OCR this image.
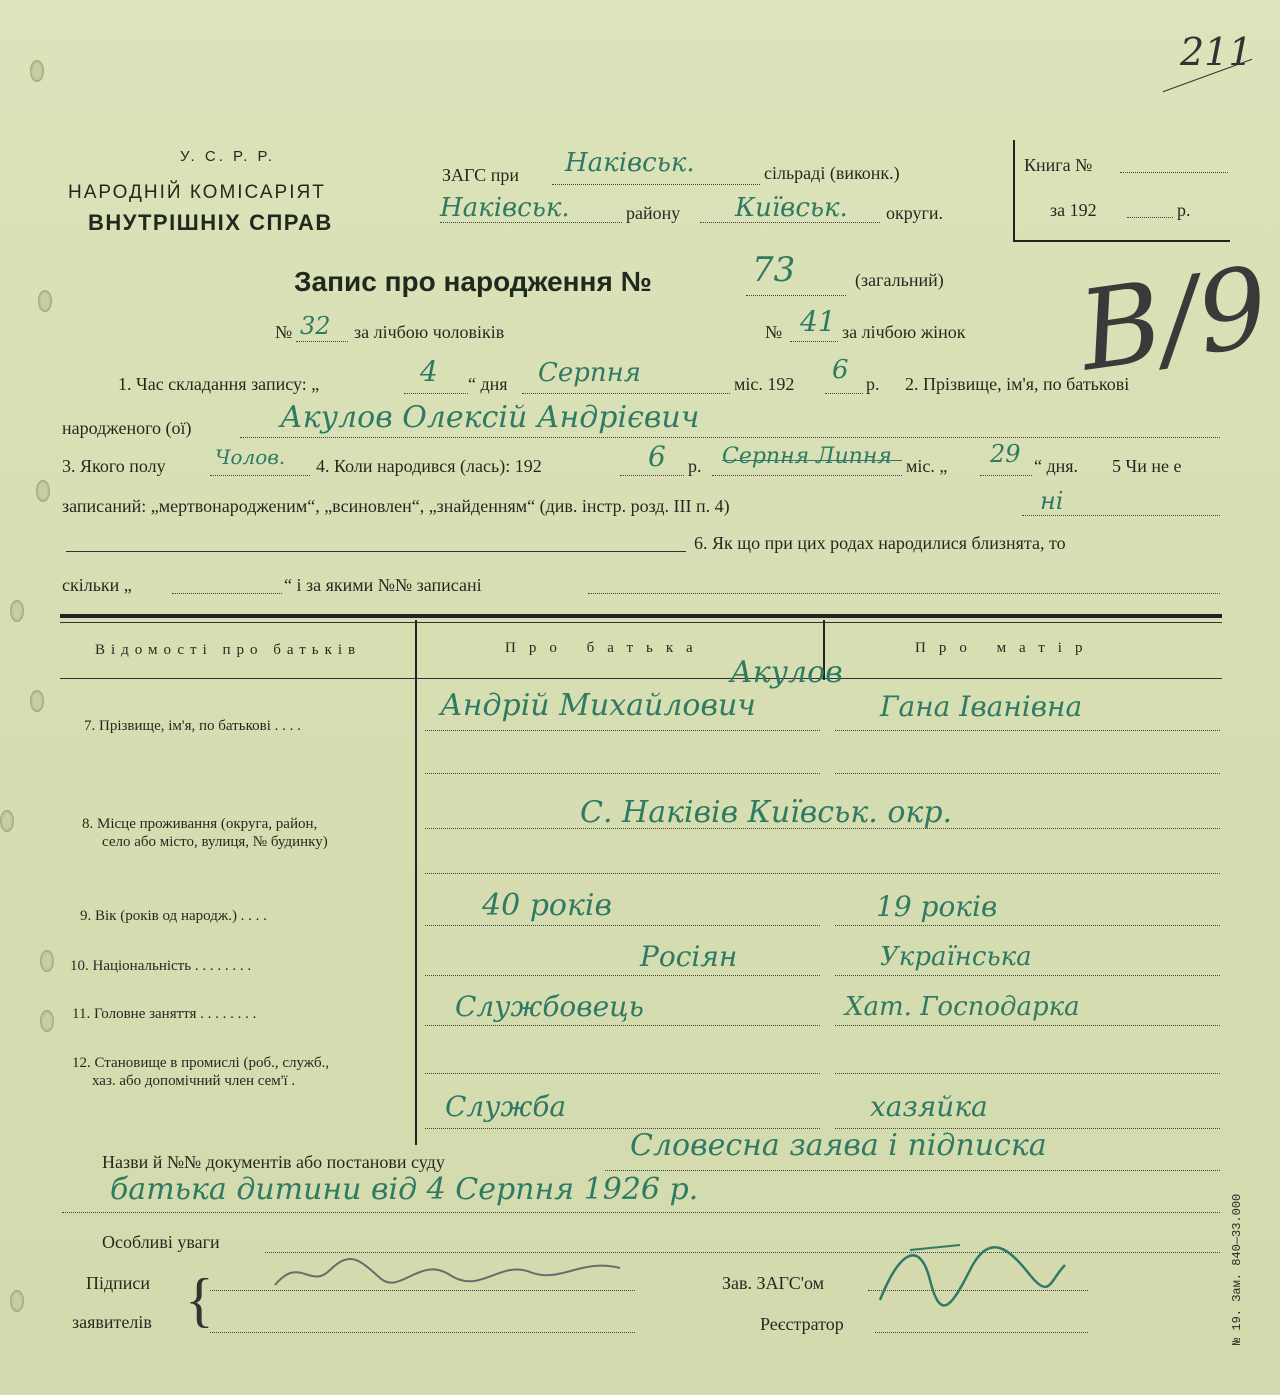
211
У. С. Р. Р.
НАРОДНІЙ КОМІСАРІЯТ
ВНУТРІШНІХ СПРАВ
ЗАГС при Наківськ.	сільраді (виконк.)
Наківськ.	району Київськ. округи.
Книга №
за 192	р.
Запис про народження №	73	(загальний)
№ 32 за лічбою чоловіків	№ 41 за лічбою жінок В/9
1. Час складання запису: „	4 “ дня Серпня	міс. 192 6 р. 2. Прізвище, ім'я, по батькові
народженого (ої)	Акулов Олексій Андрієвич
3. Якого полу Чолов. 4. Коли народився (лась): 192	6 р. Серпня Липня міс. „ 29 “ дня. 5 Чи не е
записаний: „мертвонародженим“, „всиновлен“, „знайденням“ (див. інстр. розд. III п. 4)	ні
6. Як що при цих родах народилися близнята, то
скільки „	“ і за якими №№ записані
Відомості про батьків	Про батька	Про матір
7. Прізвище, ім'я, по батькові . . . .
Акулов
Андрій Михайлович	Гана Іванівна
8. Місце проживання (округа, район,
село або місто, вулиця, № будинку)
С. Наківів Київськ. окр.
9. Вік (років од народж.) . . . .	40 років	19 років
10. Національність . . . . . . . .	Росіян	Українська
11. Головне заняття . . . . . . . .	Службовець	Хат. Господарка
12. Становище в промислі (роб., служб.,
хаз. або допомічний член сем'ї .
Служба	хазяйка
Назви й №№ документів або постанови суду	Словесна заява і підписка
батька дитини від 4 Серпня 1926 р.
Особливі уваги
Підписи
заявителів {	Зав. ЗАГС'ом
Реєстратор	№ 19. Зам. 840—33.000
